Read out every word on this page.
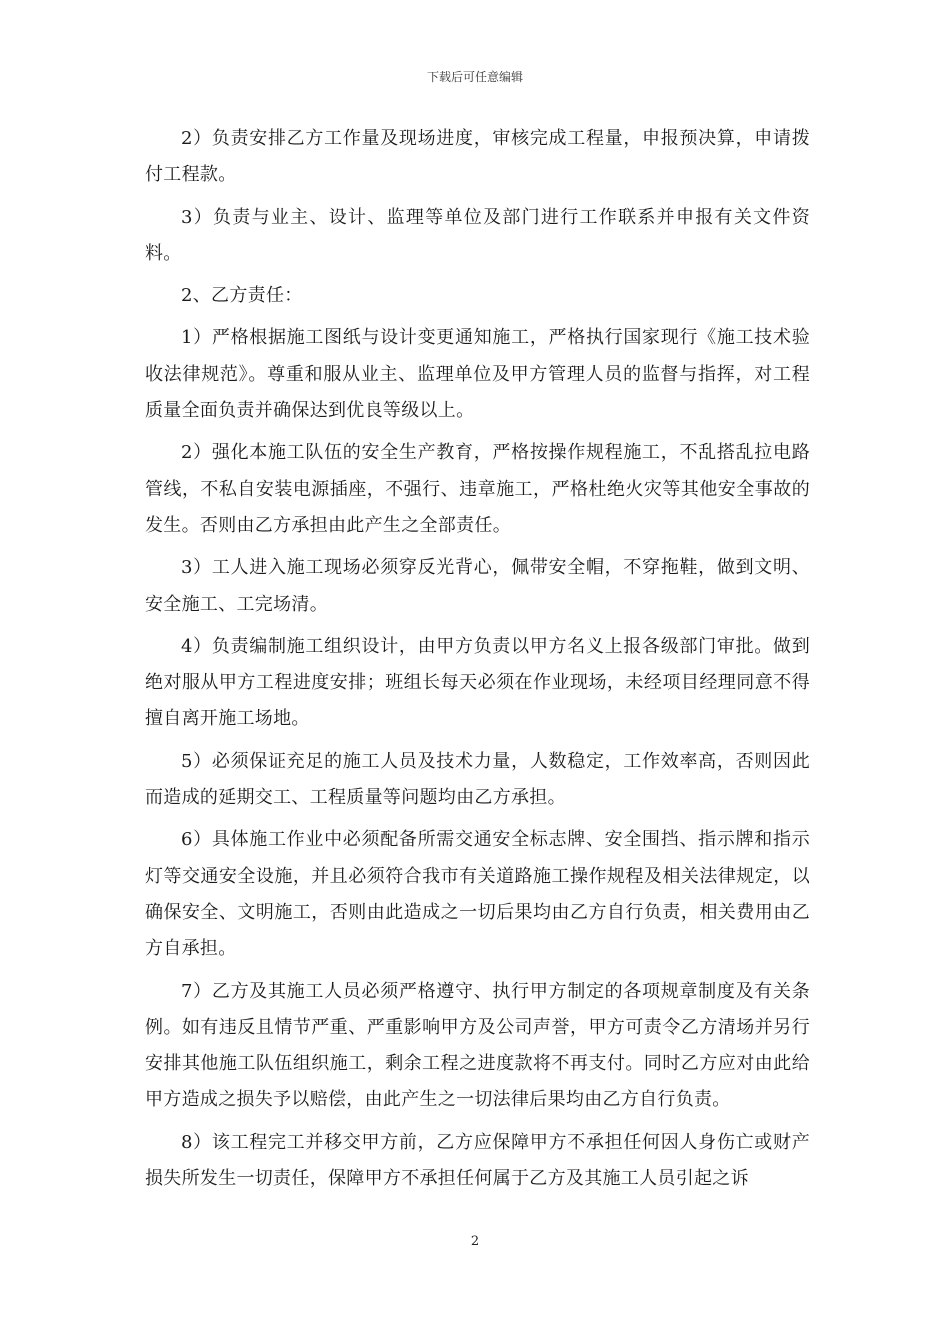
下载后可任意编辑

2）负责安排乙方工作量及现场进度，审核完成工程量，申报预决算，申请拨付工程款。

3）负责与业主、设计、监理等单位及部门进行工作联系并申报有关文件资料。

2、乙方责任：

1）严格根据施工图纸与设计变更通知施工，严格执行国家现行《施工技术验收法律规范》。尊重和服从业主、监理单位及甲方管理人员的监督与指挥，对工程质量全面负责并确保达到优良等级以上。

2）强化本施工队伍的安全生产教育，严格按操作规程施工，不乱搭乱拉电路管线，不私自安装电源插座，不强行、违章施工，严格杜绝火灾等其他安全事故的发生。否则由乙方承担由此产生之全部责任。

3）工人进入施工现场必须穿反光背心，佩带安全帽，不穿拖鞋，做到文明、安全施工、工完场清。

4）负责编制施工组织设计，由甲方负责以甲方名义上报各级部门审批。做到绝对服从甲方工程进度安排；班组长每天必须在作业现场，未经项目经理同意不得擅自离开施工场地。

5）必须保证充足的施工人员及技术力量，人数稳定，工作效率高，否则因此而造成的延期交工、工程质量等问题均由乙方承担。

6）具体施工作业中必须配备所需交通安全标志牌、安全围挡、指示牌和指示灯等交通安全设施，并且必须符合我市有关道路施工操作规程及相关法律规定，以确保安全、文明施工，否则由此造成之一切后果均由乙方自行负责，相关费用由乙方自承担。

7）乙方及其施工人员必须严格遵守、执行甲方制定的各项规章制度及有关条例。如有违反且情节严重、严重影响甲方及公司声誉，甲方可责令乙方清场并另行安排其他施工队伍组织施工，剩余工程之进度款将不再支付。同时乙方应对由此给甲方造成之损失予以赔偿，由此产生之一切法律后果均由乙方自行负责。

8）该工程完工并移交甲方前，乙方应保障甲方不承担任何因人身伤亡或财产损失所发生一切责任，保障甲方不承担任何属于乙方及其施工人员引起之诉

2
